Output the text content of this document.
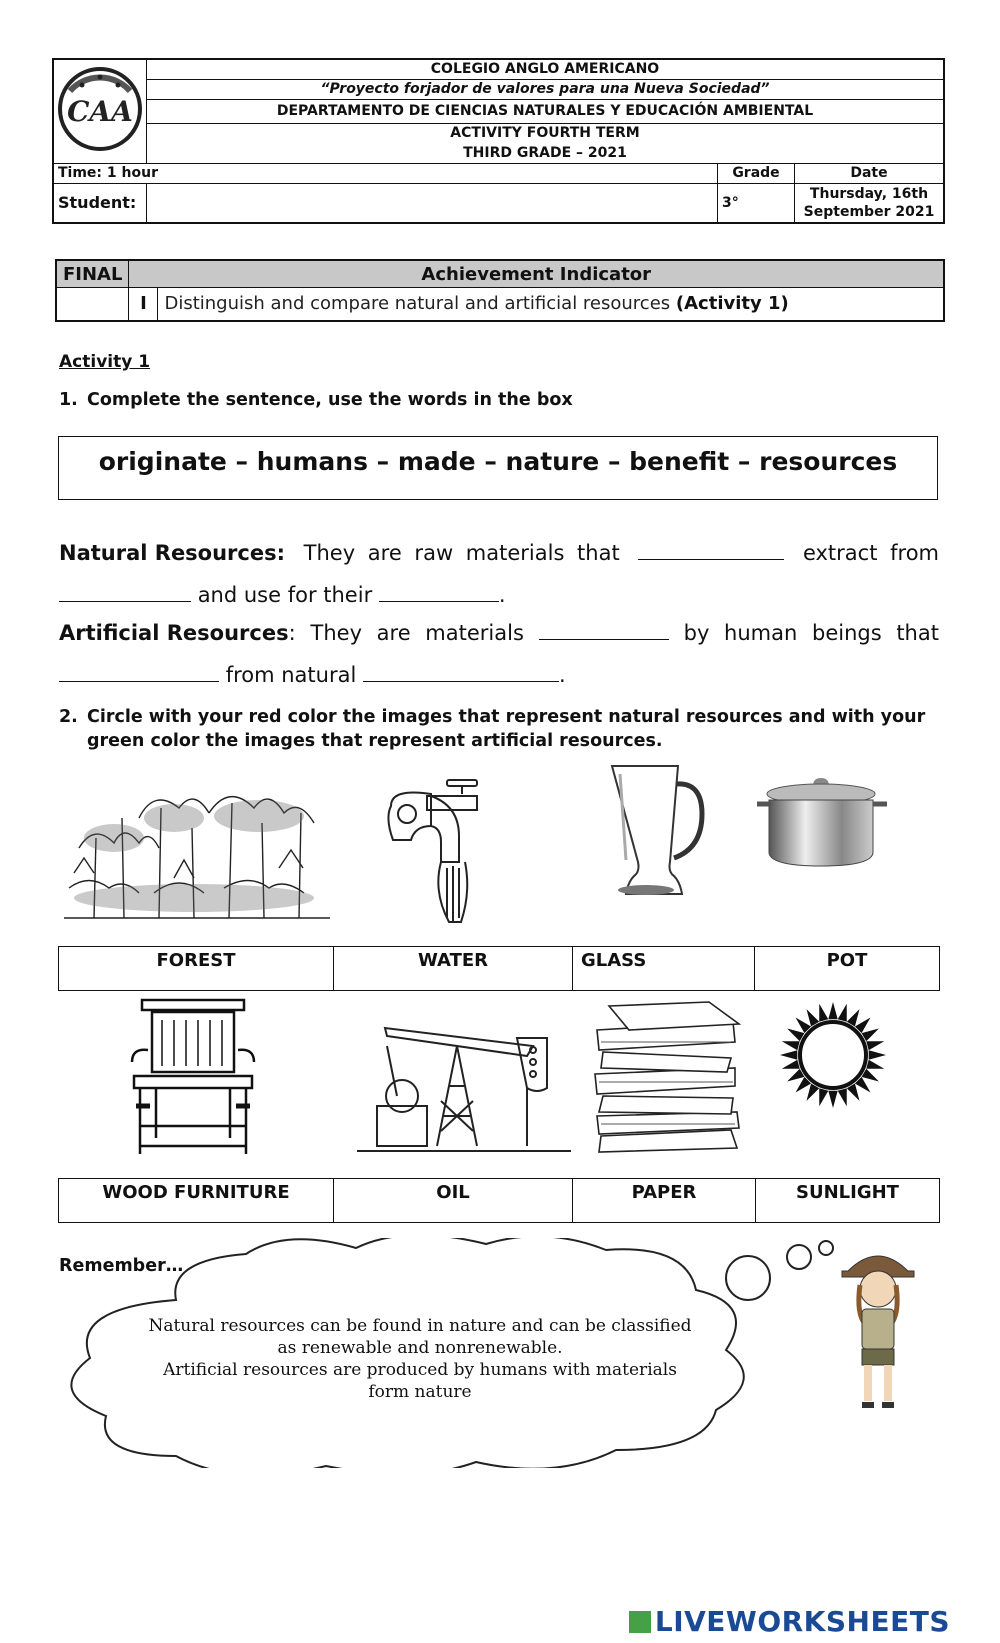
CAA	COLEGIO ANGLO AMERICANO		
	“Proyecto forjador de valores para una Nueva Sociedad”		
	DEPARTAMENTO DE CIENCIAS NATURALES Y EDUCACIÓN AMBIENTAL		
	ACTIVITY FOURTH TERM		
	THIRD GRADE – 2021		
Time: 1 hour		Grade	Date
Student:		3°	Thursday, 16th
September 2021
FINAL	Achievement Indicator	
	I	Distinguish and compare natural and artificial resources (Activity 1)
Activity 1
1. Complete the sentence, use the words in the box
originate – humans – made – nature – benefit – resources
Natural Resources: They are raw materials that	extract from
and use for their	.
Artificial Resources: They are materials	by human beings that
from natural	.
2. Circle with your red color the images that represent natural resources and with your green color the images that represent artificial resources.
FOREST	WATER	GLASS	POT
WOOD FURNITURE	OIL	PAPER	SUNLIGHT
Remember…
Natural resources can be found in nature and can be classified
as renewable and nonrenewable.
Artificial resources are produced by humans with materials
form nature
LIVEWORKSHEETS
